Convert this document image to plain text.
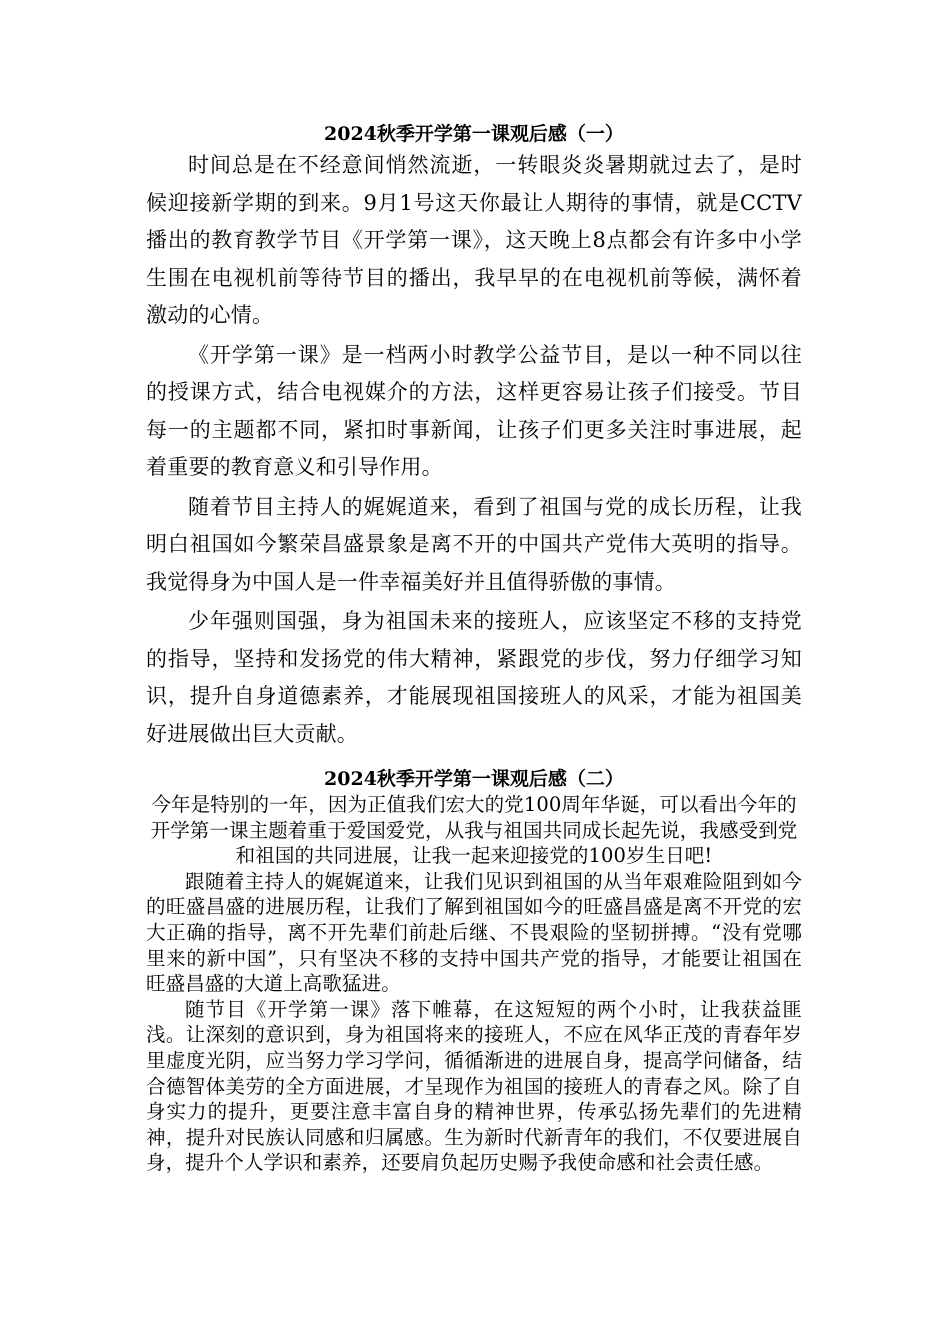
2024秋季开学第一课观后感（一）

时间总是在不经意间悄然流逝，一转眼炎炎暑期就过去了，是时候迎接新学期的到来。9月1号这天你最让人期待的事情，就是CCTV播出的教育教学节目《开学第一课》，这天晚上8点都会有许多中小学生围在电视机前等待节目的播出，我早早的在电视机前等候，满怀着激动的心情。

《开学第一课》是一档两小时教学公益节目，是以一种不同以往的授课方式，结合电视媒介的方法，这样更容易让孩子们接受。节目每一的主题都不同，紧扣时事新闻，让孩子们更多关注时事进展，起着重要的教育意义和引导作用。

随着节目主持人的娓娓道来，看到了祖国与党的成长历程，让我明白祖国如今繁荣昌盛景象是离不开的中国共产党伟大英明的指导。我觉得身为中国人是一件幸福美好并且值得骄傲的事情。

少年强则国强，身为祖国未来的接班人，应该坚定不移的支持党的指导，坚持和发扬党的伟大精神，紧跟党的步伐，努力仔细学习知识，提升自身道德素养，才能展现祖国接班人的风采，才能为祖国美好进展做出巨大贡献。

2024秋季开学第一课观后感（二）

今年是特别的一年，因为正值我们宏大的党100周年华诞，可以看出今年的开学第一课主题着重于爱国爱党，从我与祖国共同成长起先说，我感受到党和祖国的共同进展，让我一起来迎接党的100岁生日吧!

跟随着主持人的娓娓道来，让我们见识到祖国的从当年艰难险阻到如今的旺盛昌盛的进展历程，让我们了解到祖国如今的旺盛昌盛是离不开党的宏大正确的指导，离不开先辈们前赴后继、不畏艰险的坚韧拼搏。“没有党哪里来的新中国”，只有坚决不移的支持中国共产党的指导，才能要让祖国在旺盛昌盛的大道上高歌猛进。

随节目《开学第一课》落下帷幕，在这短短的两个小时，让我获益匪浅。让深刻的意识到，身为祖国将来的接班人，不应在风华正茂的青春年岁里虚度光阴，应当努力学习学问，循循渐进的进展自身，提高学问储备，结合德智体美劳的全方面进展，才呈现作为祖国的接班人的青春之风。除了自身实力的提升，更要注意丰富自身的精神世界，传承弘扬先辈们的先进精神，提升对民族认同感和归属感。生为新时代新青年的我们，不仅要进展自身，提升个人学识和素养，还要肩负起历史赐予我使命感和社会责任感。
